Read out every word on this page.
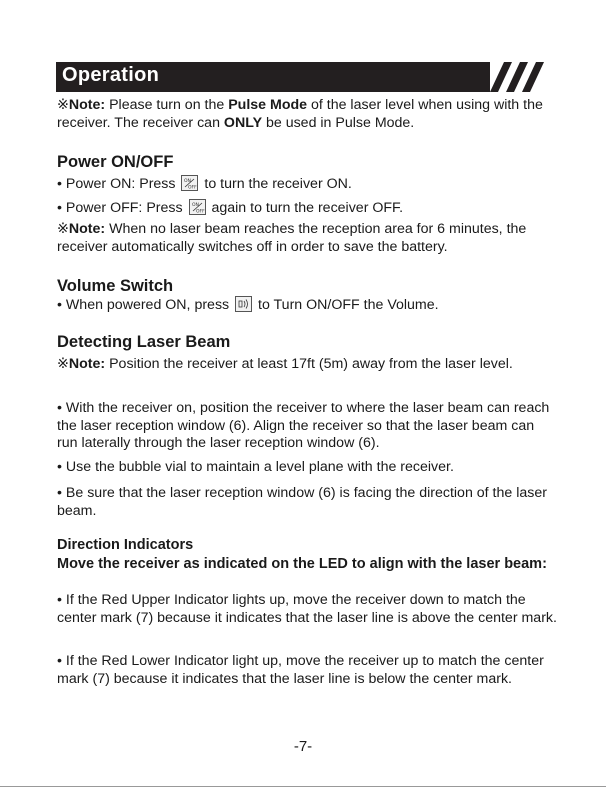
Operation
※Note: Please turn on the Pulse Mode of the laser level when using with the receiver. The receiver can ONLY be used in Pulse Mode.
Power ON/OFF
• Power ON: Press ON
OFF to turn the receiver ON.
• Power OFF: Press ON
OFF again to turn the receiver OFF.
※Note: When no laser beam reaches the reception area for 6 minutes, the receiver automatically switches off in order to save the battery.
Volume Switch
• When powered ON, press
to Turn ON/OFF the Volume.
Detecting Laser Beam
※Note: Position the receiver at least 17ft (5m) away from the laser level.
• With the receiver on, position the receiver to where the laser beam can reach the laser reception window (6). Align the receiver so that the laser beam can run laterally through the laser reception window (6).
• Use the bubble vial to maintain a level plane with the receiver.
• Be sure that the laser reception window (6) is facing the direction of the laser beam.
Direction Indicators
Move the receiver as indicated on the LED to align with the laser beam:
• If the Red Upper Indicator lights up, move the receiver down to match the center mark (7) because it indicates that the laser line is above the center mark.
• If the Red Lower Indicator light up, move the receiver up to match the center mark (7) because it indicates that the laser line is below the center mark.
-7-
